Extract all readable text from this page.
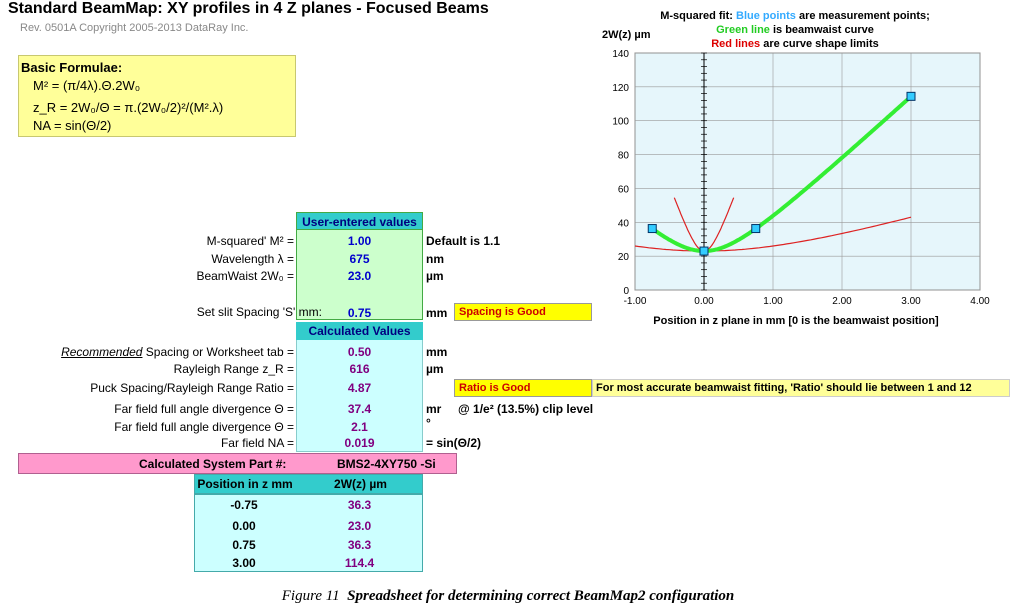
Standard BeamMap: XY profiles in 4 Z planes - Focused Beams
Rev. 0501A Copyright 2005-2013 DataRay Inc.
Basic Formulae:
M² = (π/4λ).Θ.2W₀
z_R = 2W₀/Θ = π.(2W₀/2)²/(M².λ)
NA = sin(Θ/2)
User-entered values
Calculated Values
M-squared' M² =	1.00	Default is 1.1
Wavelength λ =	675	nm
BeamWaist 2W₀ =	23.0	µm
Set slit Spacing 'S' mm:	0.75	mm	Spacing is Good
Recommended Spacing or Worksheet tab =	0.50	mm
Rayleigh Range z_R =	616	µm
Puck Spacing/Rayleigh Range Ratio =	4.87	Ratio is Good	For most accurate beamwaist fitting, 'Ratio' should lie between 1 and 12
Far field full angle divergence Θ =	37.4	mr @ 1/e² (13.5%) clip level
Far field full angle divergence Θ =	2.1	°
Far field NA =	0.019	= sin(Θ/2)
Calculated System Part #:	BMS2-4XY750 -Si
Position in z mm	2W(z) µm
-0.75	36.3
0.00	23.0
0.75	36.3
3.00	114.4
M-squared fit: Blue points are measurement points;
Green line is beamwaist curve
Red lines are curve shape limits
2W(z) µm
0
20
40
60
80
100
120
140
-1.00	0.00	1.00	2.00	3.00	4.00
Position in z plane in mm [0 is the beamwaist position]
Figure 11 Spreadsheet for determining correct BeamMap2 configuration
